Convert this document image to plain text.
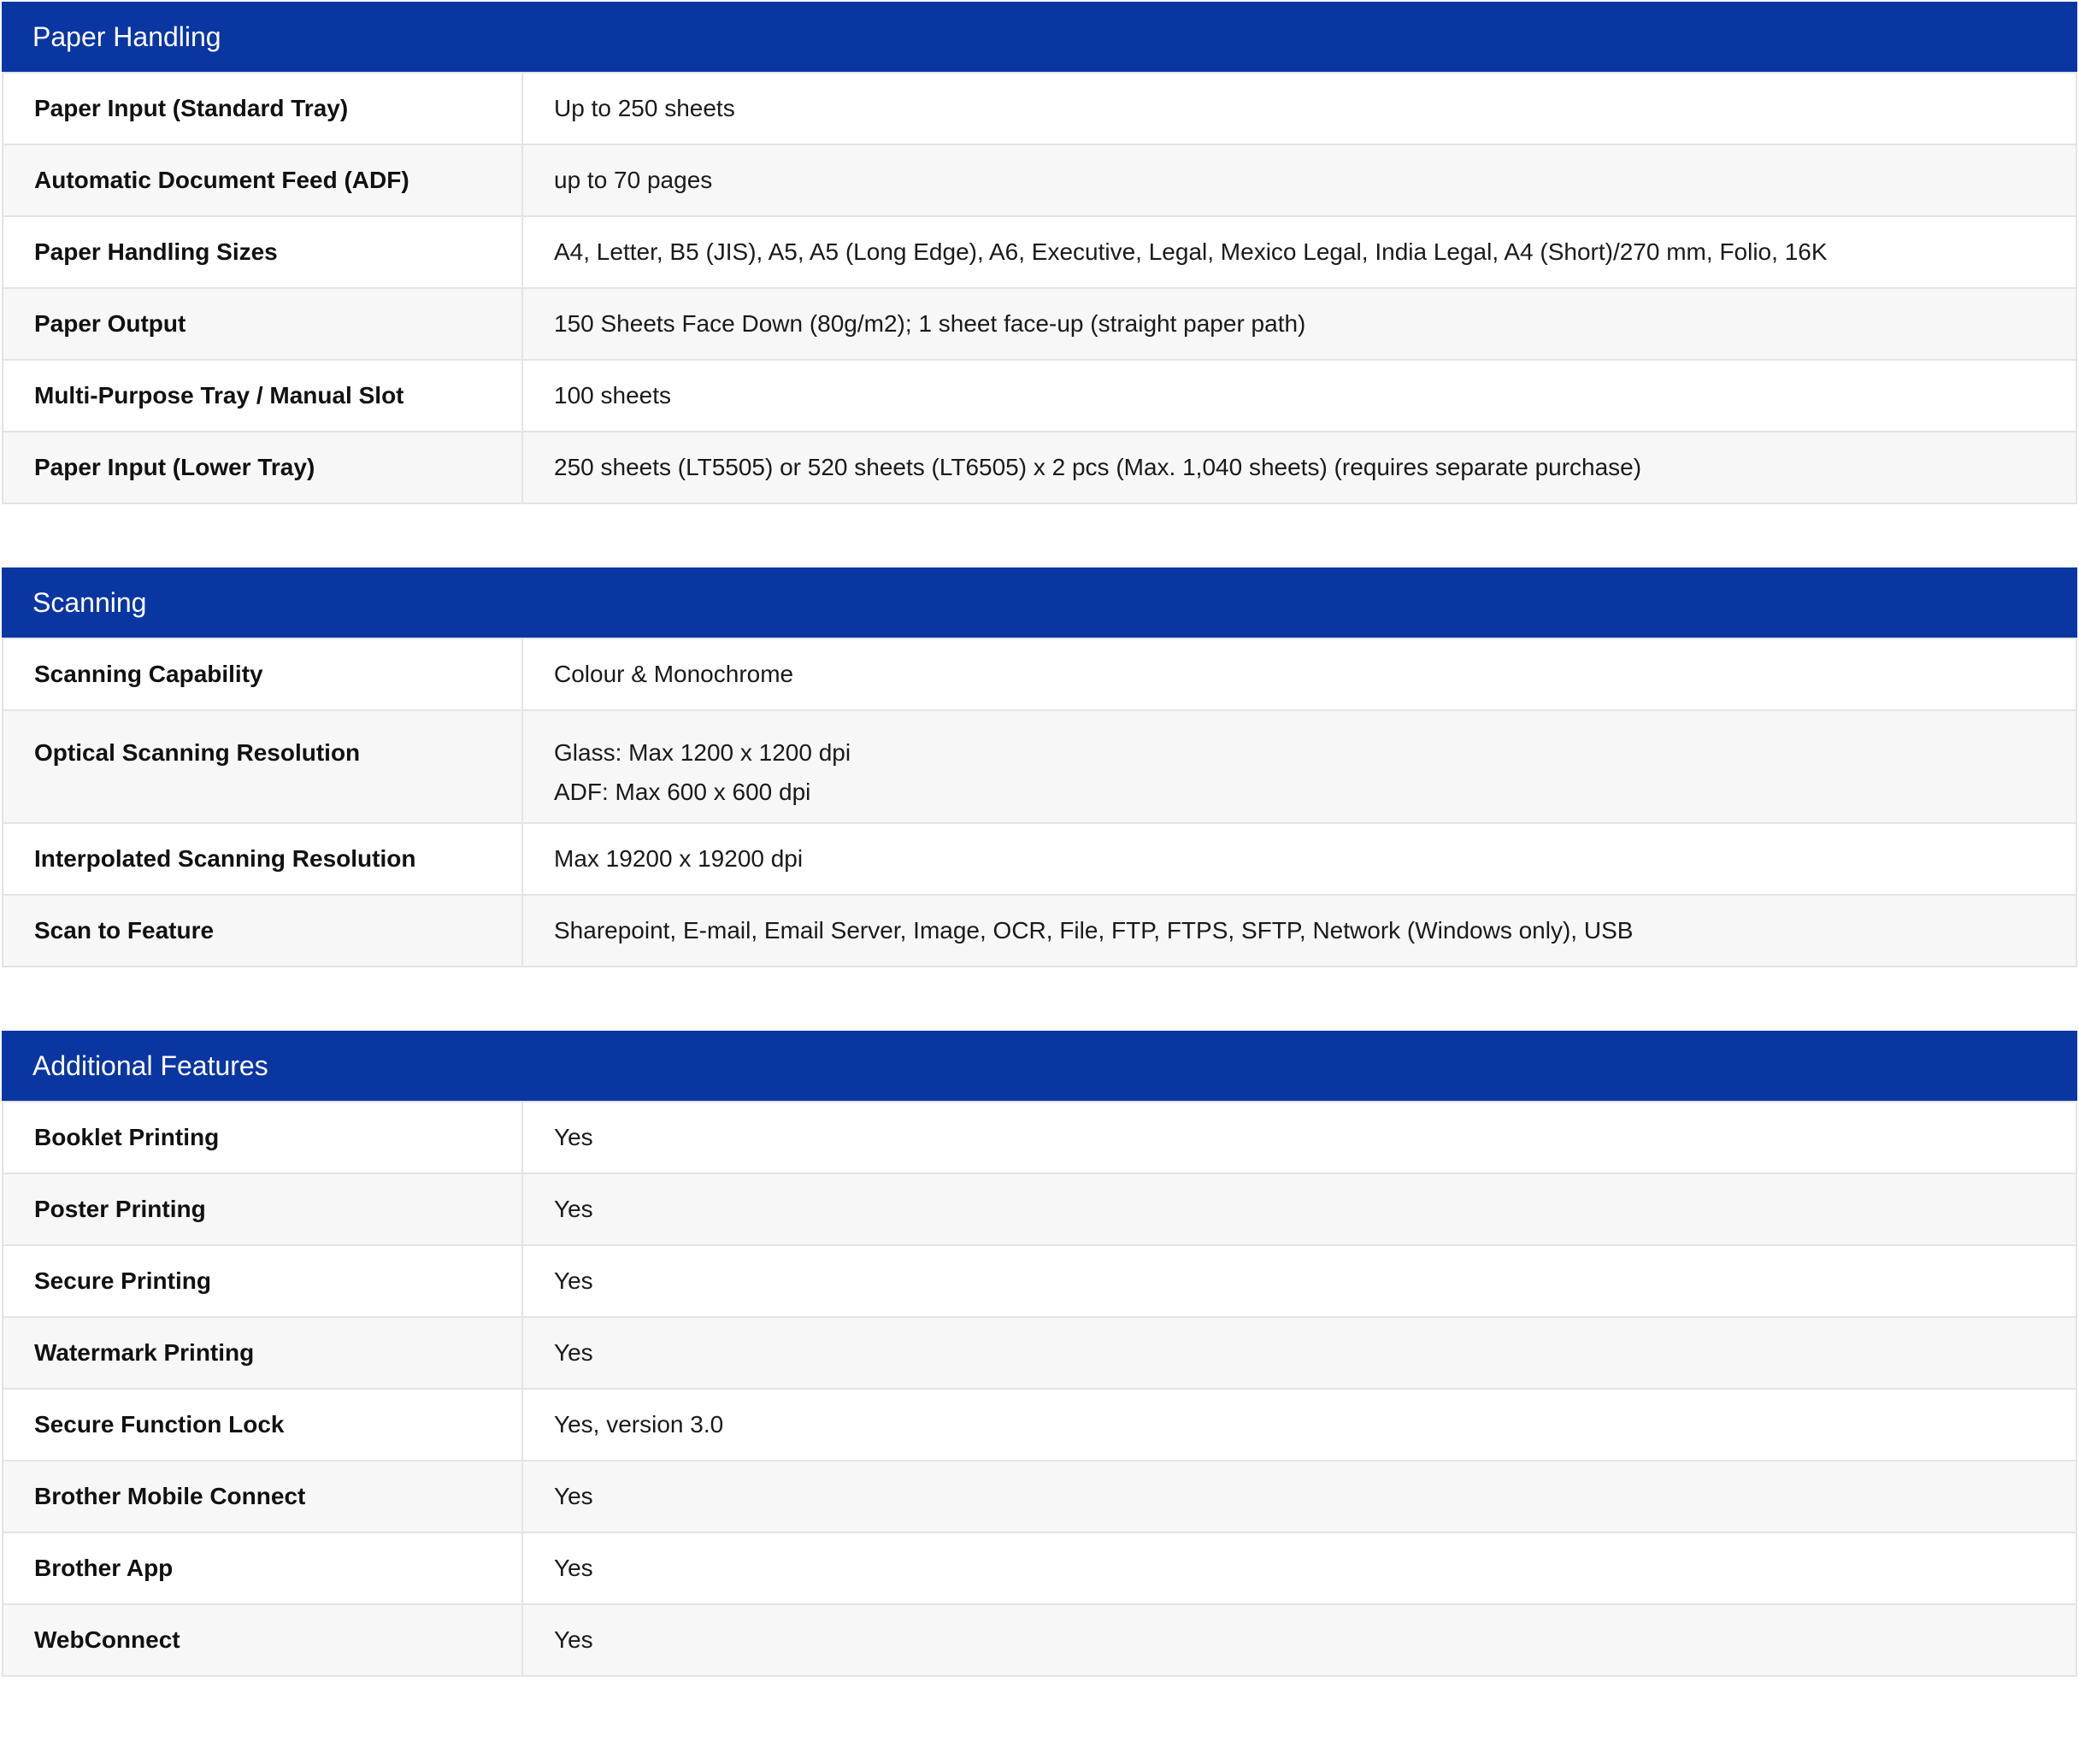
Paper Handling
Paper Input (Standard Tray)	Up to 250 sheets

Automatic Document Feed (ADF)	up to 70 pages

Paper Handling Sizes	A4, Letter, B5 (JIS), A5, A5 (Long Edge), A6, Executive, Legal, Mexico Legal, India Legal, A4 (Short)/270 mm, Folio, 16K

Paper Output	150 Sheets Face Down (80g/m2); 1 sheet face-up (straight paper path)

Multi-Purpose Tray / Manual Slot	100 sheets

Paper Input (Lower Tray)	250 sheets (LT5505) or 520 sheets (LT6505) x 2 pcs (Max. 1,040 sheets) (requires separate purchase)
Scanning
Scanning Capability	Colour & Monochrome

Optical Scanning Resolution	Glass: Max 1200 x 1200 dpi
ADF: Max 600 x 600 dpi

Interpolated Scanning Resolution	Max 19200 x 19200 dpi

Scan to Feature	Sharepoint, E-mail, Email Server, Image, OCR, File, FTP, FTPS, SFTP, Network (Windows only), USB
Additional Features
Booklet Printing	Yes

Poster Printing	Yes

Secure Printing	Yes

Watermark Printing	Yes

Secure Function Lock	Yes, version 3.0

Brother Mobile Connect	Yes

Brother App	Yes

WebConnect	Yes
